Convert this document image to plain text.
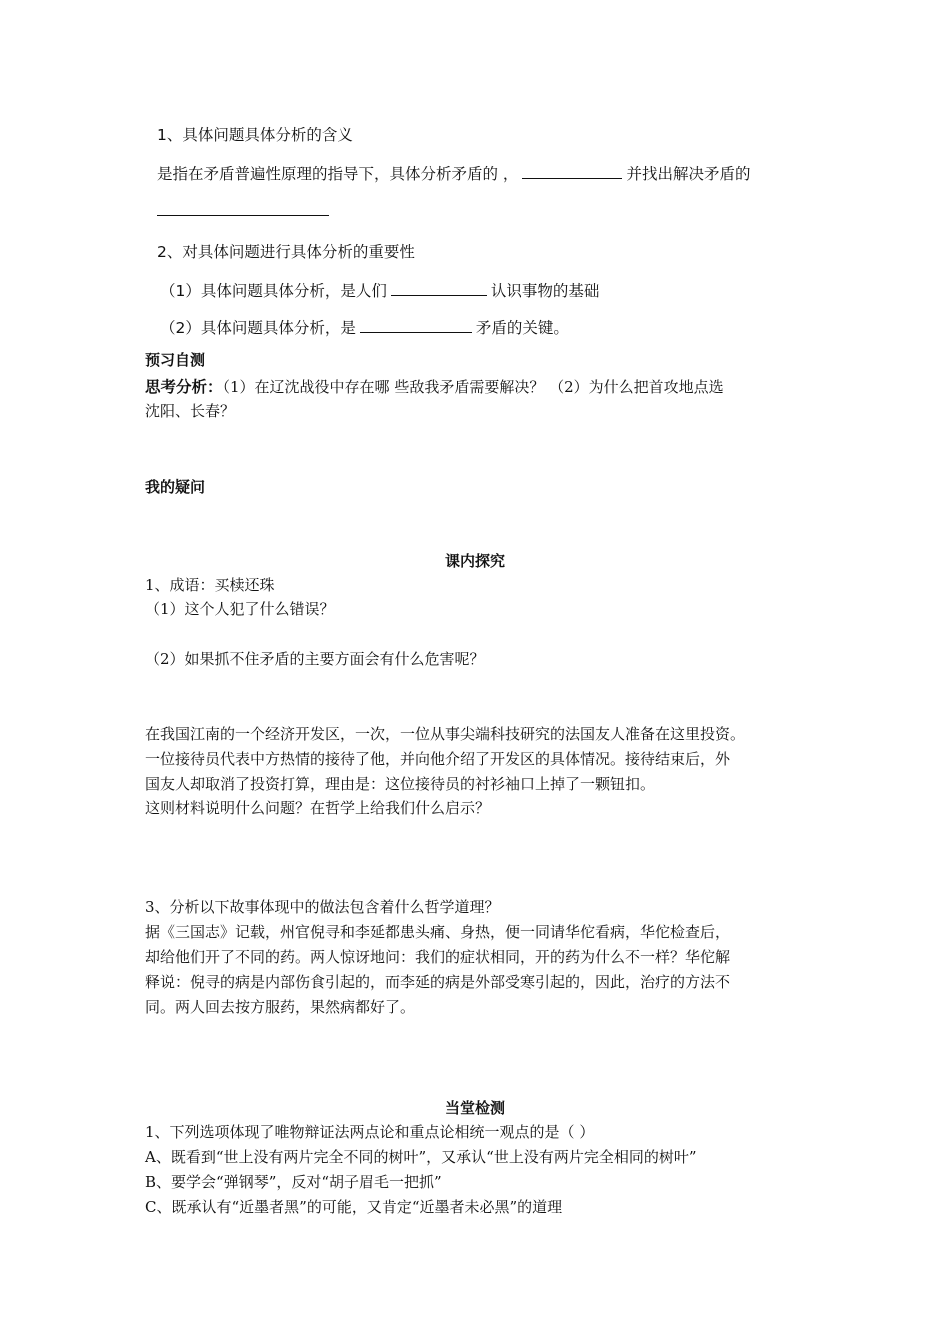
1、具体问题具体分析的含义
是指在矛盾普遍性原理的指导下，具体分析矛盾的 ，	并找出解决矛盾的
2、对具体问题进行具体分析的重要性
（1）具体问题具体分析，是人们	认识事物的基础
（2）具体问题具体分析，是	矛盾的关键。
预习自测
思考分析：（1）在辽沈战役中存在哪 些敌我矛盾需要解决？ （2）为什么把首攻地点选
沈阳、长春？
我的疑问
课内探究
1、成语：买椟还珠
（1）这个人犯了什么错误？
（2）如果抓不住矛盾的主要方面会有什么危害呢？
在我国江南的一个经济开发区，一次，一位从事尖端科技研究的法国友人准备在这里投资。
一位接待员代表中方热情的接待了他，并向他介绍了开发区的具体情况。接待结束后，外
国友人却取消了投资打算，理由是：这位接待员的衬衫袖口上掉了一颗钮扣。
这则材料说明什么问题？在哲学上给我们什么启示？
3、分析以下故事体现中的做法包含着什么哲学道理？
据《三国志》记载，州官倪寻和李延都患头痛、身热，便一同请华佗看病，华佗检查后，
却给他们开了不同的药。两人惊讶地问：我们的症状相同，开的药为什么不一样？华佗解
释说：倪寻的病是内部伤食引起的，而李延的病是外部受寒引起的，因此，治疗的方法不
同。两人回去按方服药，果然病都好了。
当堂检测
1、下列选项体现了唯物辩证法两点论和重点论相统一观点的是（ ）
A、既看到“世上没有两片完全不同的树叶”，又承认“世上没有两片完全相同的树叶”
B、要学会“弹钢琴”，反对“胡子眉毛一把抓”
C、既承认有“近墨者黑”的可能，又肯定“近墨者未必黑”的道理
